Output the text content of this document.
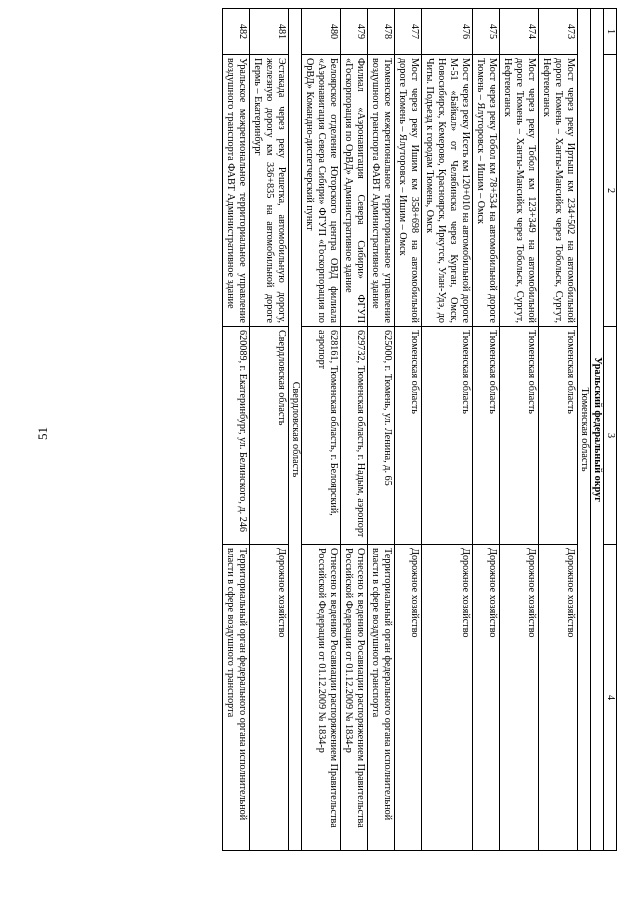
51
1	2	3	4
Уральский федеральный округ			
Тюменская область			
473	Мост через реку Иртыш км 234+502 на автомобильной дороге Тюмень – Ханты-Мансийск через Тобольск, Сургут, Нефтеюганск	Тюменская область	Дорожное хозяйство
474	Мост через реку Тобол км 123+349 на автомобильной дороге Тюмень – Ханты-Мансийск через Тобольск, Сургут, Нефтеюганск	Тюменская область	Дорожное хозяйство
475	Мост через реку Тобол км 78+534 на автомобильной дороге Тюмень – Ялуторовск – Ишим – Омск	Тюменская область	Дорожное хозяйство
476	Мост через реку Исеть км 120+010 на автомобильной дороге М-51 «Байкал» от Челябинска через Курган, Омск, Новосибирск, Кемерово, Красноярск, Иркутск, Улан-Удэ, до Читы. Подъезд к городам Тюмень, Омск	Тюменская область	Дорожное хозяйство
477	Мост через реку Ишим км 358+698 на автомобильной дороге Тюмень – Ялуторовск – Ишим – Омск	Тюменская область	Дорожное хозяйство
478	Тюменское межрегиональное территориальное управление воздушного транспорта ФАВТ Административное здание	625000, г. Тюмень, ул. Ленина, д. 65	Территориальный орган федерального органа исполнительной власти в сфере воздушного транспорта
479	Филиал «Аэронавигация Севера Сибири» ФГУП «Госкорпорация по ОрВД» Административное здание	629732, Тюменская область, г. Надым, аэропорт	Отнесено к ведению Росавиации распоряжением Правительства Российской Федерации от 01.12.2009 № 1834-р
480	Белоярское отделение Югорского центра ОВД филиала «Аэронавигация Севера Сибири» ФГУП «Госкорпорация по ОрВД» Командно-диспетчерский пункт	628161, Тюменская область, г. Белоярский, аэропорт	Отнесено к ведению Росавиации распоряжением Правительства Российской Федерации от 01.12.2009 № 1834-р
Свердловская область			
481	Эстакада через реку Решетка, автомобильную дорогу, железную дорогу км 336+835 на автомобильной дороге Пермь – Екатеринбург	Свердловская область	Дорожное хозяйство
482	Уральское межрегиональное территориальное управление воздушного транспорта ФАВТ Административное здание	620089, г. Екатеринбург, ул. Белинского, д. 246	Территориальный орган федерального органа исполнительной власти в сфере воздушного транспорта
